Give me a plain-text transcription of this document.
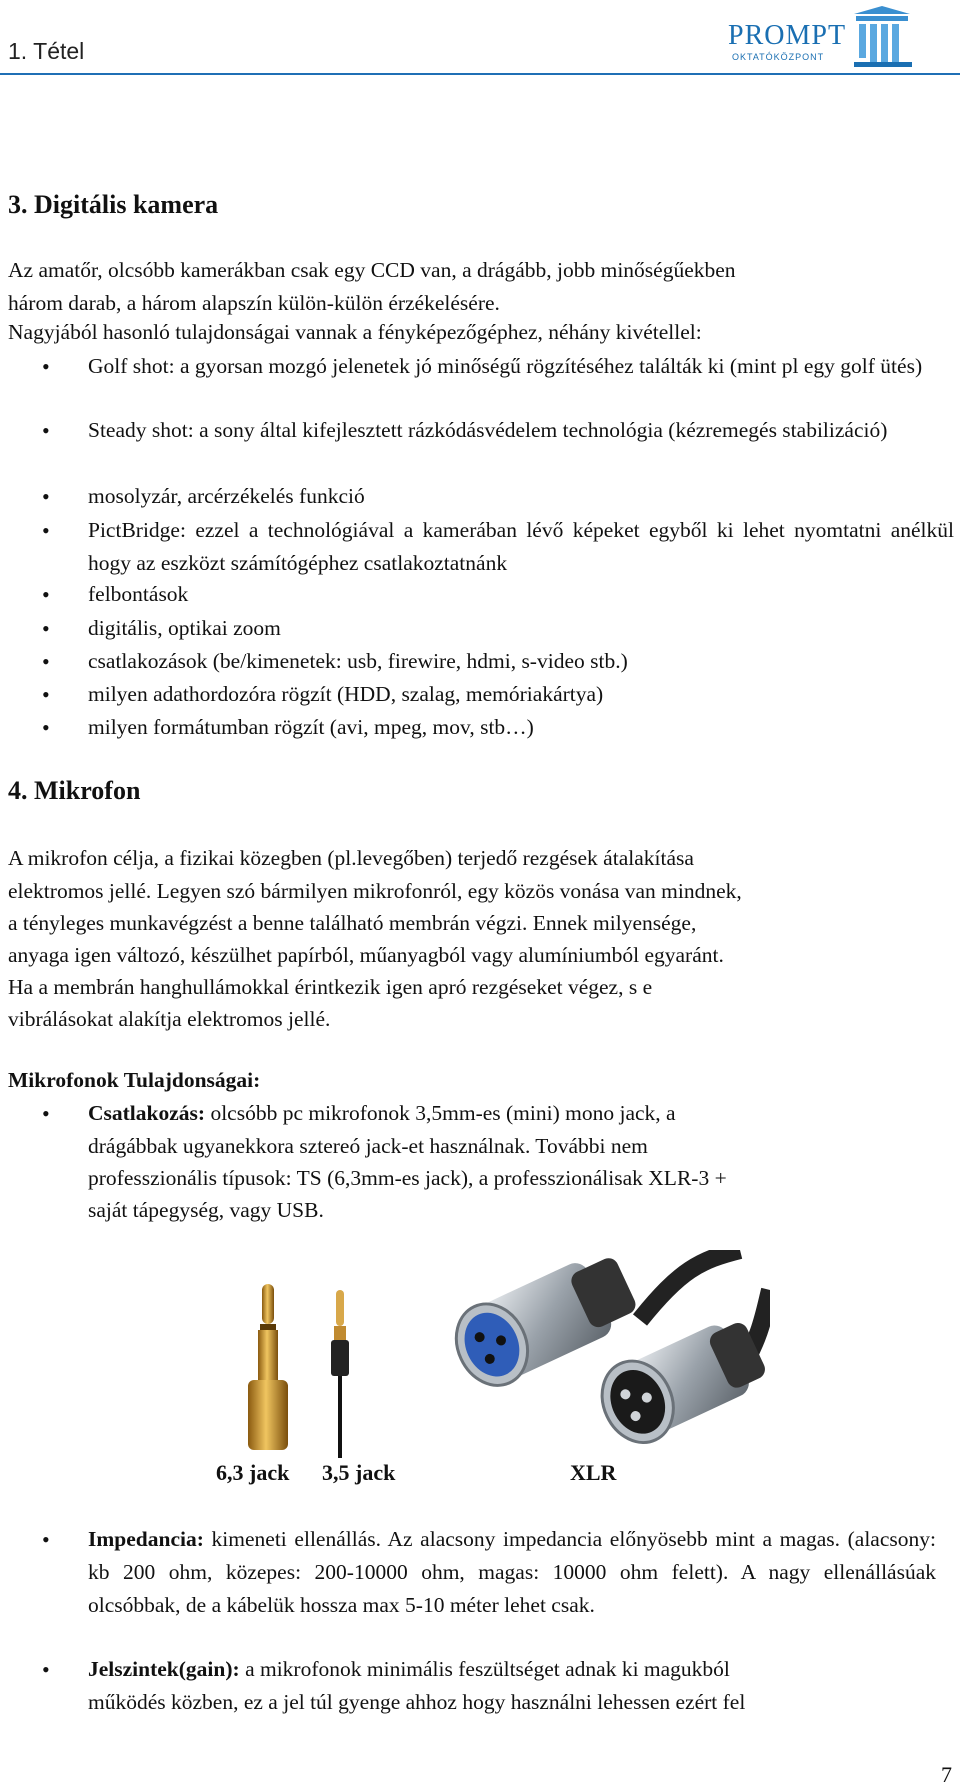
1. Tétel	PROMPT
OKTATÓKÖZPONT
3. Digitális kamera
Az amatőr, olcsóbb kamerákban csak egy CCD van, a drágább, jobb minőségűekben
három darab, a három alapszín külön-külön érzékelésére.
Nagyjából hasonló tulajdonságai vannak a fényképezőgéphez, néhány kivétellel:
• Golf shot: a gyorsan mozgó jelenetek jó minőségű rögzítéséhez találták ki (mint pl egy golf ütés)
• Steady shot: a sony által kifejlesztett rázkódásvédelem technológia (kézremegés stabilizáció)
• mosolyzár, arcérzékelés funkció
• PictBridge: ezzel a technológiával a kamerában lévő képeket egyből ki lehet nyomtatni anélkül hogy az eszközt számítógéphez csatlakoztatnánk
• felbontások
• digitális, optikai zoom
• csatlakozások (be/kimenetek: usb, firewire, hdmi, s-video stb.)
• milyen adathordozóra rögzít (HDD, szalag, memóriakártya)
• milyen formátumban rögzít (avi, mpeg, mov, stb…)
4. Mikrofon
A mikrofon célja, a fizikai közegben (pl.levegőben) terjedő rezgések átalakítása
elektromos jellé. Legyen szó bármilyen mikrofonról, egy közös vonása van mindnek,
a tényleges munkavégzést a benne található membrán végzi. Ennek milyensége,
anyaga igen változó, készülhet papírból, műanyagból vagy alumíniumból egyaránt.
Ha a membrán hanghullámokkal érintkezik igen apró rezgéseket végez, s e
vibrálásokat alakítja elektromos jellé.
Mikrofonok Tulajdonságai:
• Csatlakozás: olcsóbb pc mikrofonok 3,5mm-es (mini) mono jack, a
drágábbak ugyanekkora sztereó jack-et használnak. További nem
professzionális típusok: TS (6,3mm-es jack), a professzionálisak XLR-3 +
saját tápegység, vagy USB.
6,3 jack 3,5 jack	XLR
• Impedancia: kimeneti ellenállás. Az alacsony impedancia előnyösebb mint a magas. (alacsony: kb 200 ohm, közepes: 200-10000 ohm, magas: 10000 ohm felett). A nagy ellenállásúak olcsóbbak, de a kábelük hossza max 5-10 méter lehet csak.
• Jelszintek(gain): a mikrofonok minimális feszültséget adnak ki magukból
működés közben, ez a jel túl gyenge ahhoz hogy használni lehessen ezért fel
7
